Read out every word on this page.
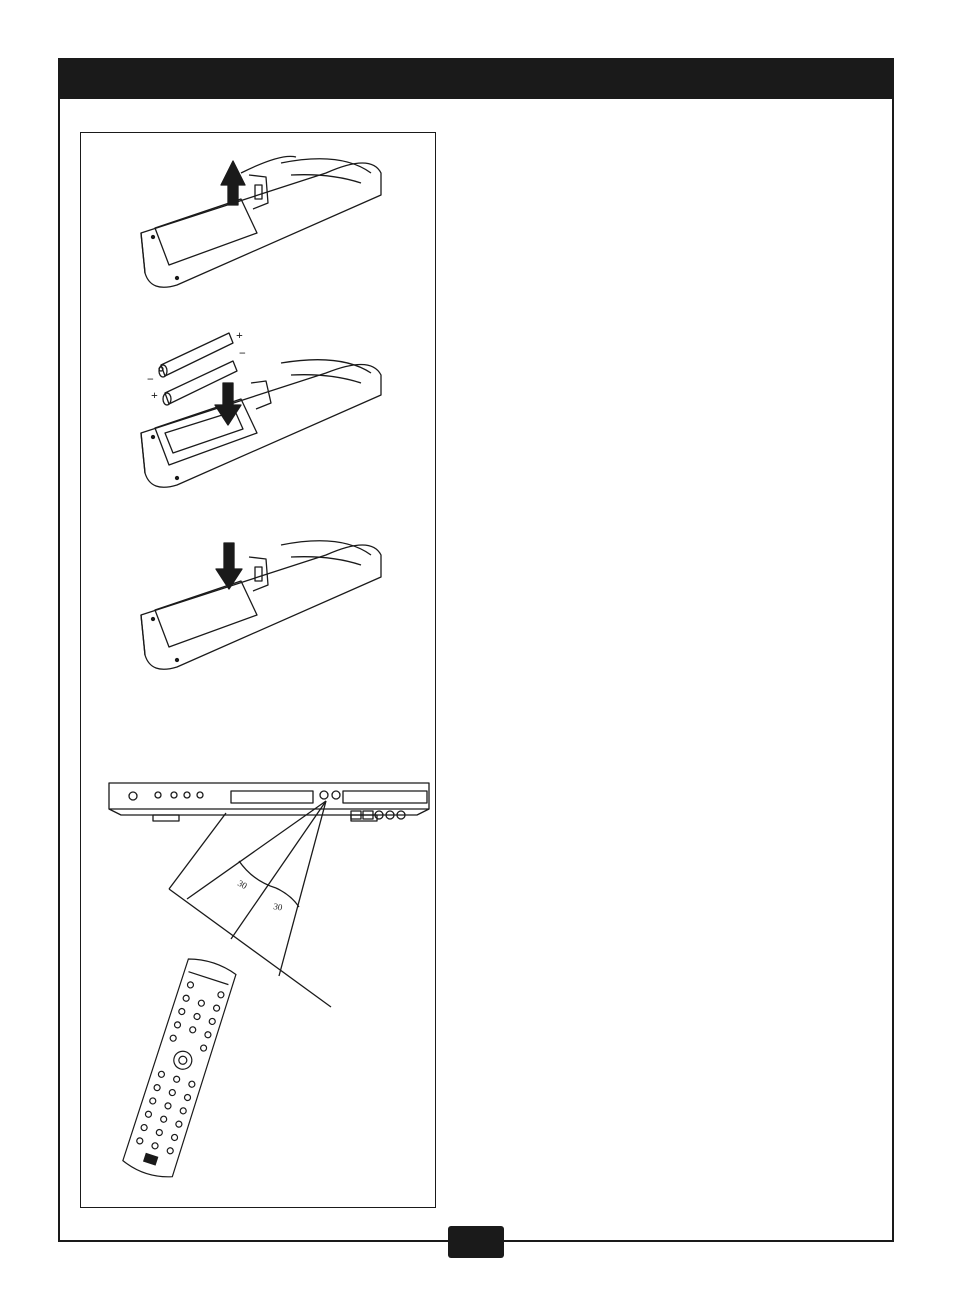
30
30
+
−
−
+
